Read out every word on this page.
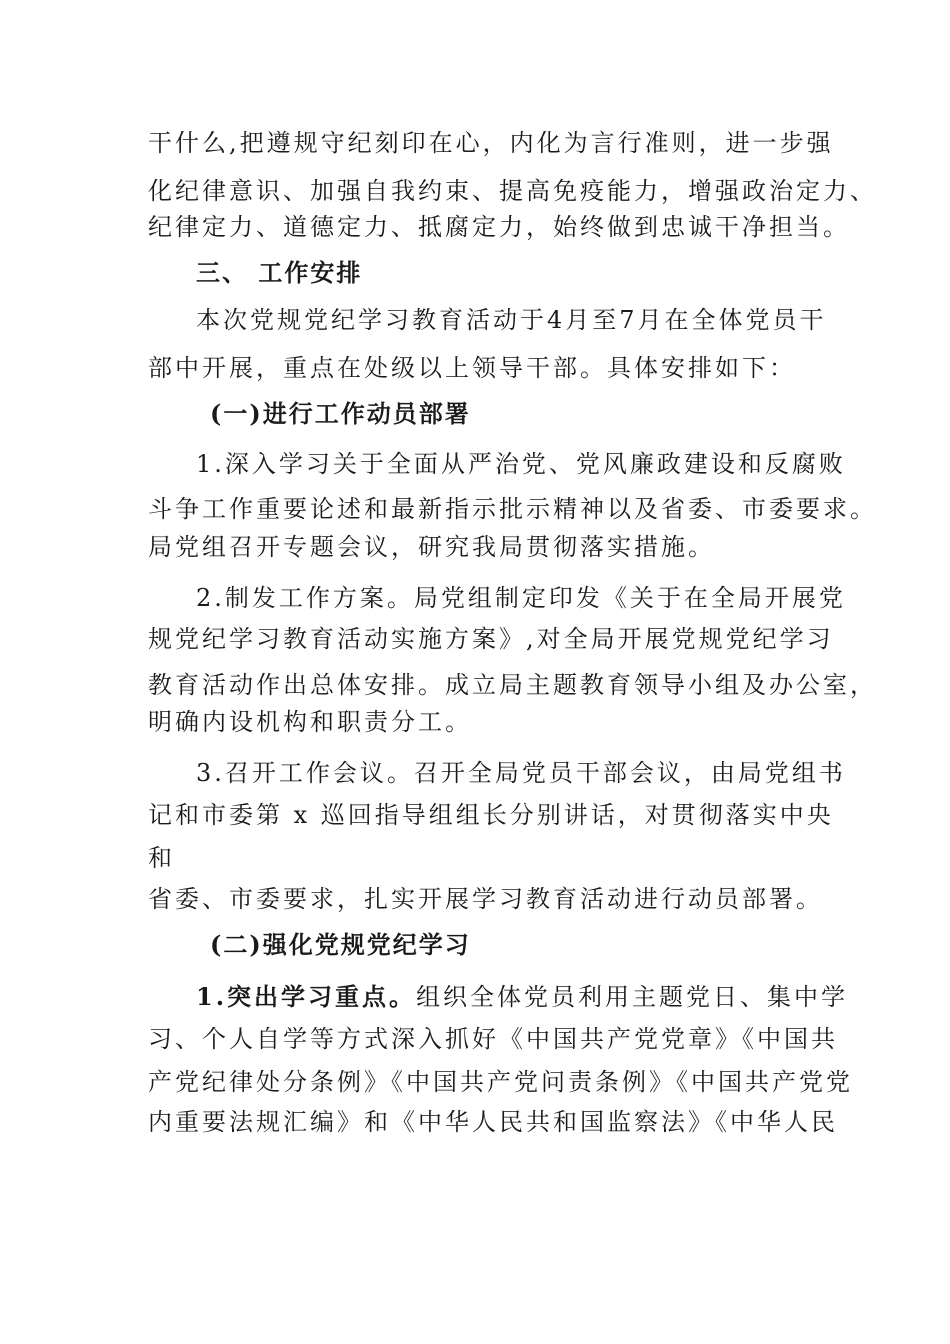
干什么,把遵规守纪刻印在心，内化为言行准则，进一步强
化纪律意识、加强自我约束、提高免疫能力，增强政治定力、
纪律定力、道德定力、抵腐定力，始终做到忠诚干净担当。
三、 工作安排
本次党规党纪学习教育活动于4月至7月在全体党员干
部中开展，重点在处级以上领导干部。具体安排如下：
(一)进行工作动员部署
1.深入学习关于全面从严治党、党风廉政建设和反腐败
斗争工作重要论述和最新指示批示精神以及省委、市委要求。
局党组召开专题会议，研究我局贯彻落实措施。
2.制发工作方案。局党组制定印发《关于在全局开展党
规党纪学习教育活动实施方案》,对全局开展党规党纪学习
教育活动作出总体安排。成立局主题教育领导小组及办公室，
明确内设机构和职责分工。
3.召开工作会议。召开全局党员干部会议，由局党组书
记和市委第 x 巡回指导组组长分别讲话，对贯彻落实中央
和
省委、市委要求，扎实开展学习教育活动进行动员部署。
(二)强化党规党纪学习
1.突出学习重点。组织全体党员利用主题党日、集中学
习、个人自学等方式深入抓好《中国共产党党章》《中国共
产党纪律处分条例》《中国共产党问责条例》《中国共产党党
内重要法规汇编》和《中华人民共和国监察法》《中华人民
